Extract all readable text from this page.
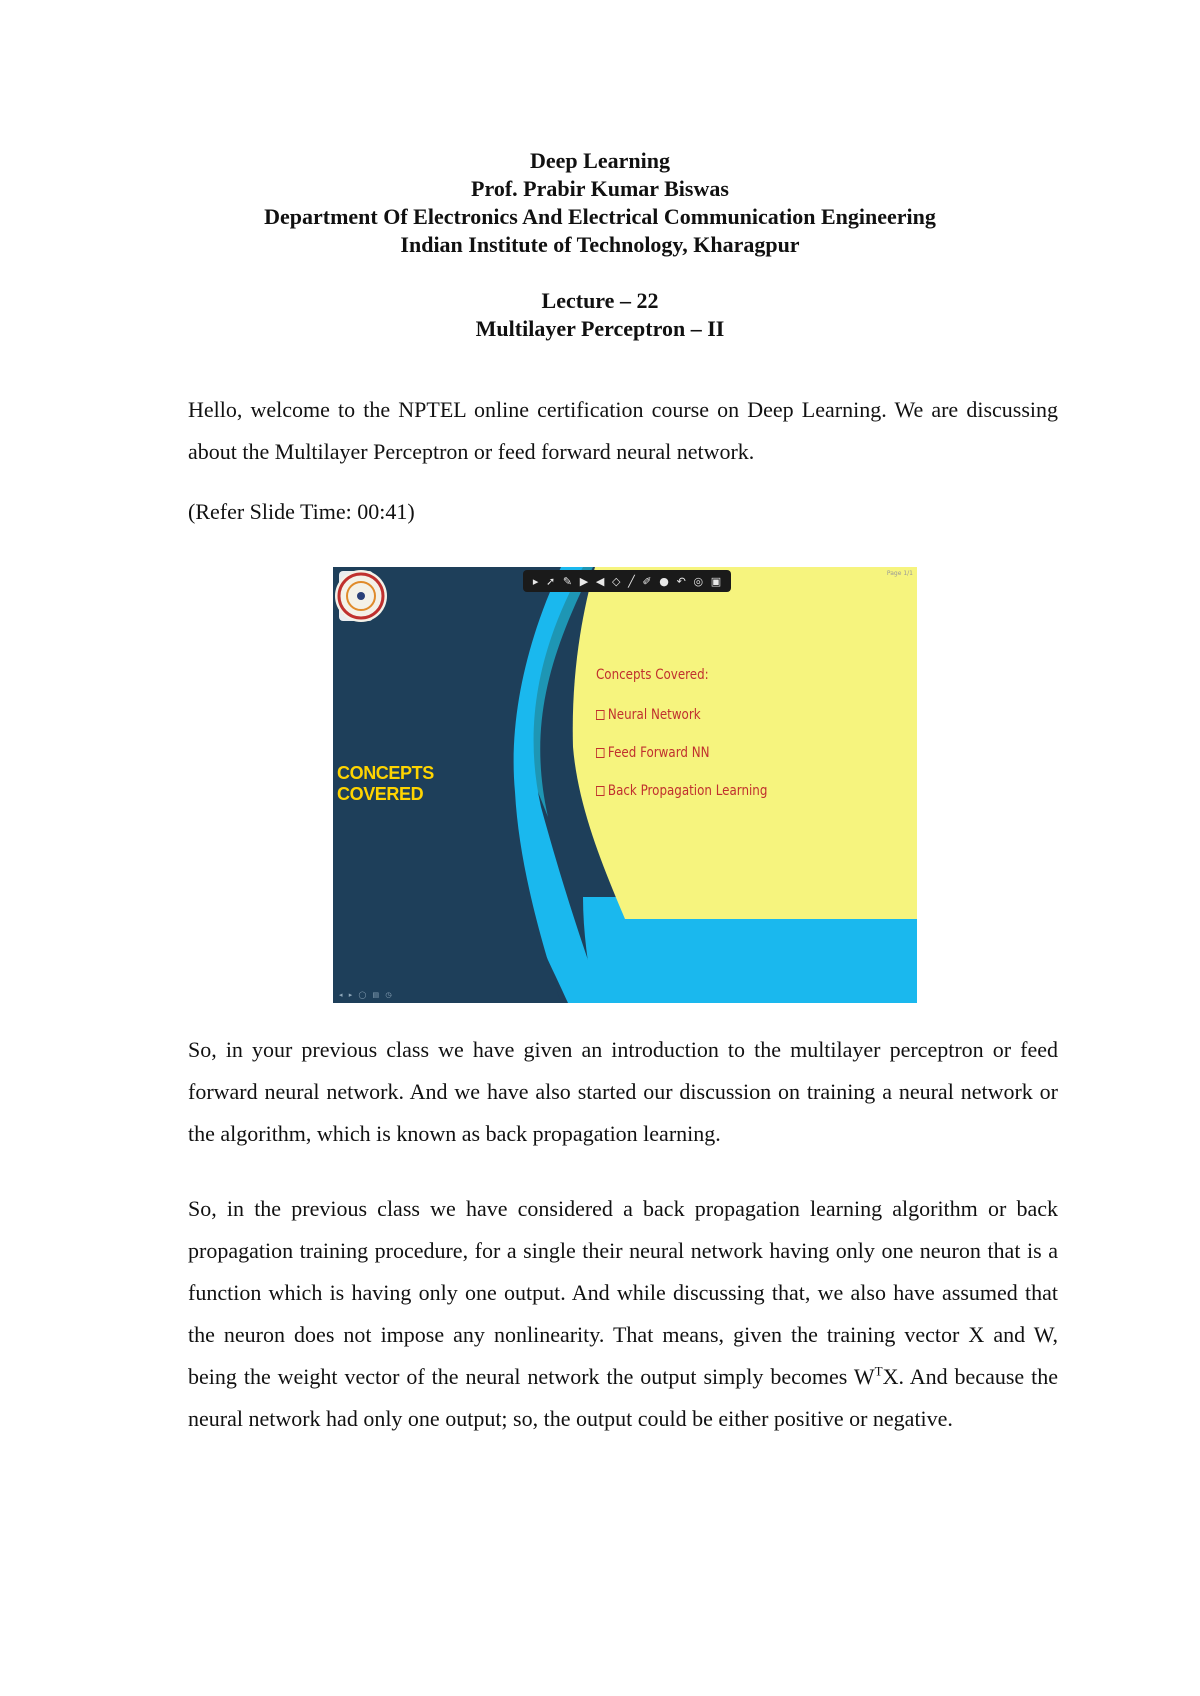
Deep Learning
Prof. Prabir Kumar Biswas
Department Of Electronics And Electrical Communication Engineering
Indian Institute of Technology, Kharagpur
Lecture – 22
Multilayer Perceptron – II

Hello, welcome to the NPTEL online certification course on Deep Learning. We are discussing about the Multilayer Perceptron or feed forward neural network.

(Refer Slide Time: 00:41)
▸ ➚ ✎ ▶ ◀ ◇ ╱ ✐ ● ↶ ◎ ▣
Page 1/1
CONCEPTS COVERED
Concepts Covered:
Neural Network
Feed Forward NN
Back Propagation Learning
◂ ▸ ◯ ▤ ◷

So, in your previous class we have given an introduction to the multilayer perceptron or feed forward neural network. And we have also started our discussion on training a neural network or the algorithm, which is known as back propagation learning.

So, in the previous class we have considered a back propagation learning algorithm or back propagation training procedure, for a single their neural network having only one neuron that is a function which is having only one output. And while discussing that, we also have assumed that the neuron does not impose any nonlinearity. That means, given the training vector X and W, being the weight vector of the neural network the output simply becomes $W^TX$. And because the neural network had only one output; so, the output could be either positive or negative.
